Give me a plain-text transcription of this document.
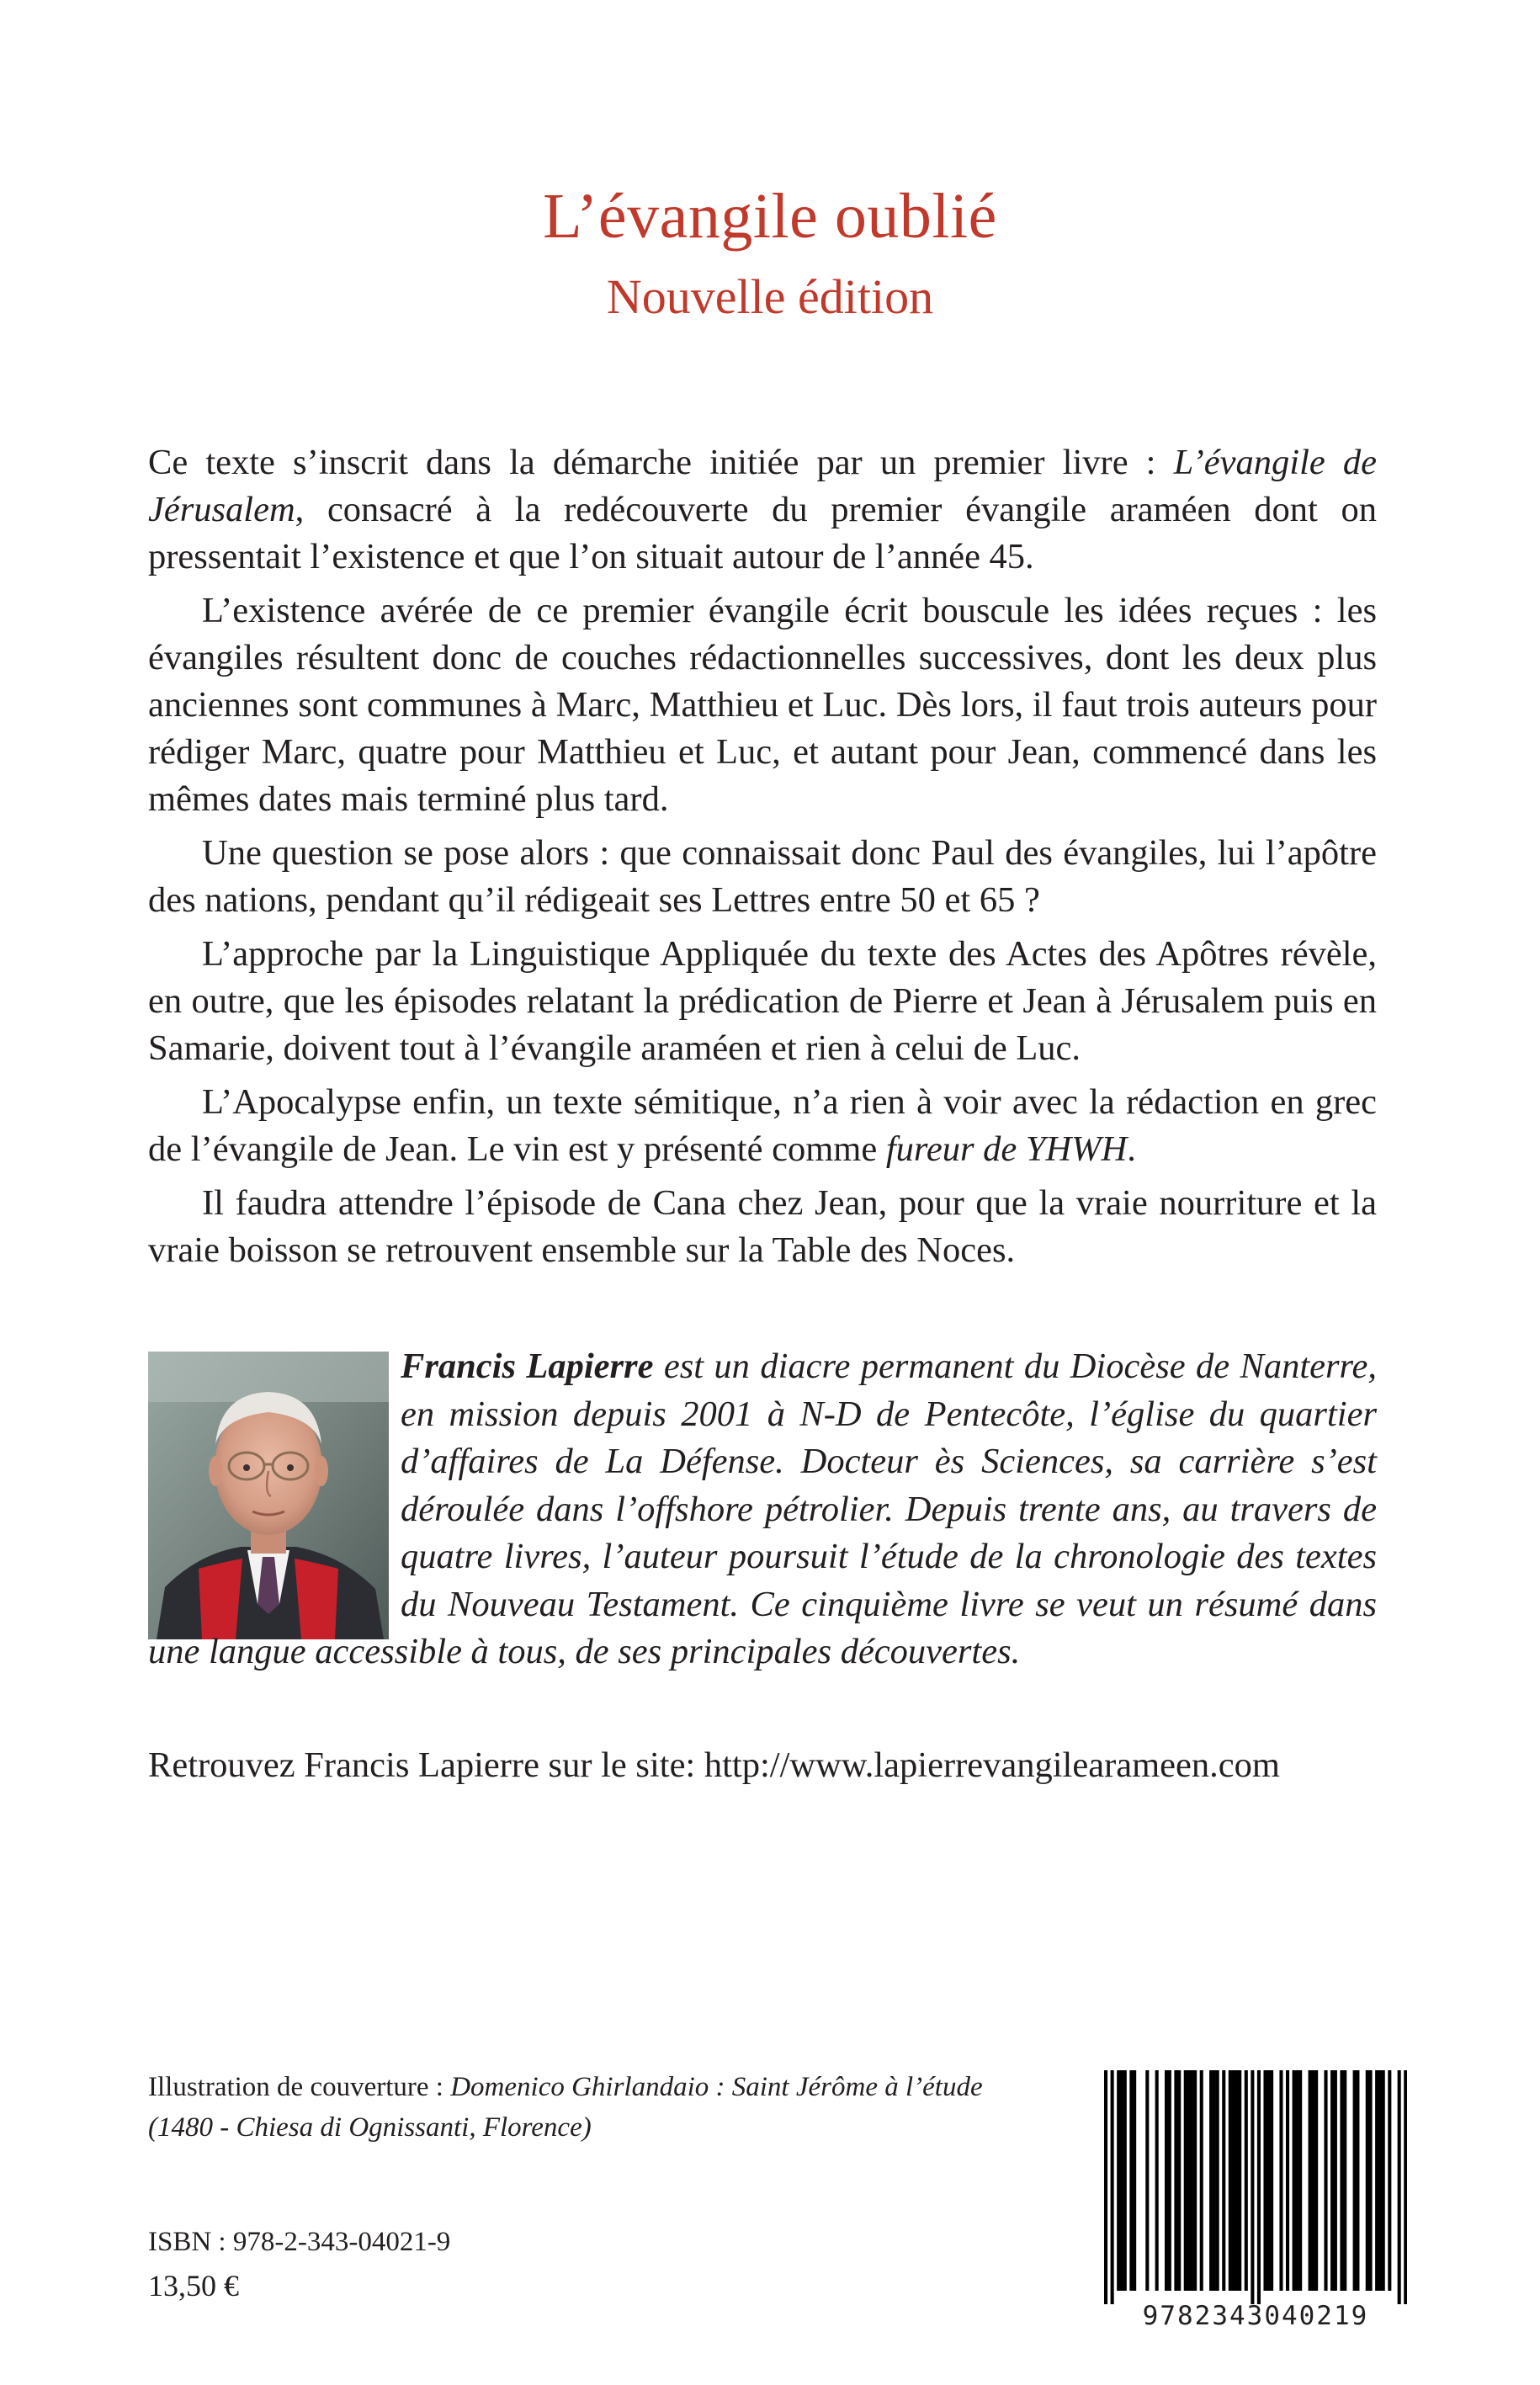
L’évangile oublié
Nouvelle édition

Ce texte s’inscrit dans la démarche initiée par un premier livre : L’évangile de Jérusalem, consacré à la redécouverte du premier évangile araméen dont on pressentait l’existence et que l’on situait autour de l’année 45.

L’existence avérée de ce premier évangile écrit bouscule les idées reçues : les évangiles résultent donc de couches rédactionnelles successives, dont les deux plus anciennes sont communes à Marc, Matthieu et Luc. Dès lors, il faut trois auteurs pour rédiger Marc, quatre pour Matthieu et Luc, et autant pour Jean, commencé dans les mêmes dates mais terminé plus tard.

Une question se pose alors : que connaissait donc Paul des évangiles, lui l’apôtre des nations, pendant qu’il rédigeait ses Lettres entre 50 et 65 ?

L’approche par la Linguistique Appliquée du texte des Actes des Apôtres révèle, en outre, que les épisodes relatant la prédication de Pierre et Jean à Jérusalem puis en Samarie, doivent tout à l’évangile araméen et rien à celui de Luc.

L’Apocalypse enfin, un texte sémitique, n’a rien à voir avec la rédaction en grec de l’évangile de Jean. Le vin est y présenté comme fureur de YHWH.

Il faudra attendre l’épisode de Cana chez Jean, pour que la vraie nourriture et la vraie boisson se retrouvent ensemble sur la Table des Noces.

Francis Lapierre est un diacre permanent du Diocèse de Nanterre, en mission depuis 2001 à N-D de Pentecôte, l’église du quartier d’affaires de La Défense. Docteur ès Sciences, sa carrière s’est déroulée dans l’offshore pétrolier. Depuis trente ans, au travers de quatre livres, l’auteur poursuit l’étude de la chronologie des textes du Nouveau Testament. Ce cinquième livre se veut un résumé dans une langue accessible à tous, de ses principales découvertes.
Retrouvez Francis Lapierre sur le site: http://www.lapierrevangilearameen.com
Illustration de couverture : Domenico Ghirlandaio : Saint Jérôme à l’étude
(1480 - Chiesa di Ognissanti, Florence)
ISBN : 978-2-343-04021-9
13,50 €
9782343040219
